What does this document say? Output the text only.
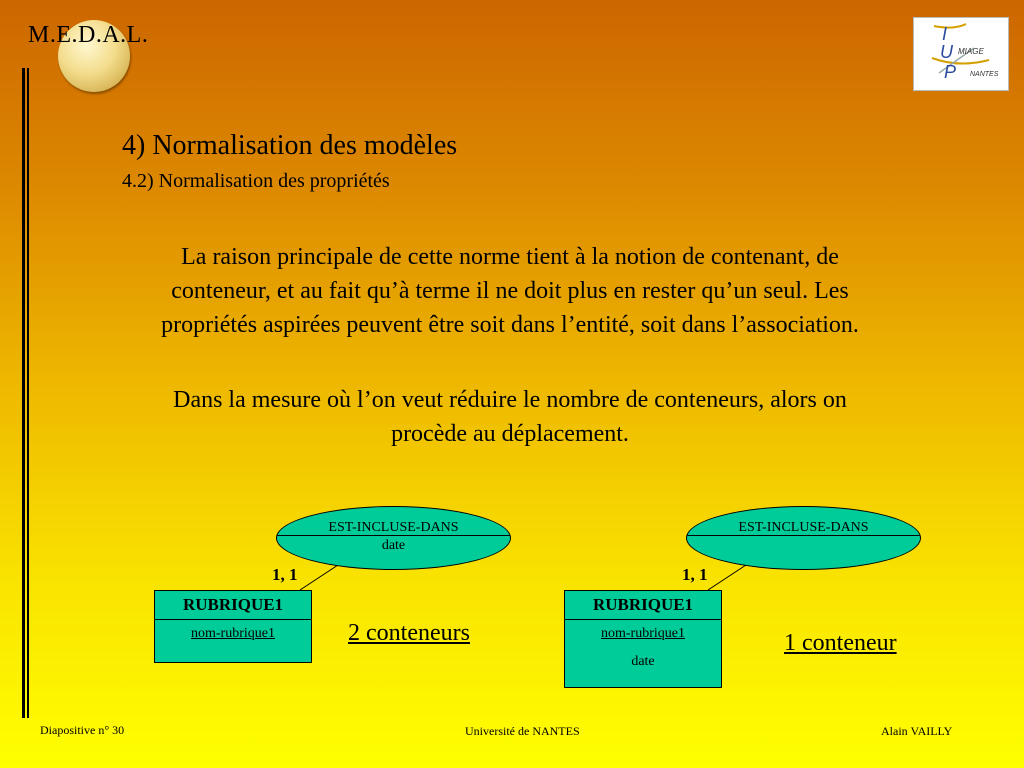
M.E.D.A.L.	I
U
P
MIAGE
NANTES
4) Normalisation des modèles
4.2) Normalisation des propriétés
La raison principale de cette norme tient à la notion de contenant, de conteneur, et au fait qu’à terme il ne doit plus en rester qu’un seul. Les propriétés aspirées peuvent être soit dans l’entité, soit dans l’association.
Dans la mesure où l’on veut réduire le nombre de conteneurs, alors on procède au déplacement.
EST-INCLUSE-DANS
date
1, 1
RUBRIQUE1
nom-rubrique1	2 conteneurs
EST-INCLUSE-DANS
1, 1
RUBRIQUE1
nom-rubrique1
date
1 conteneur
Diapositive n° 30	Université de NANTES	Alain VAILLY
